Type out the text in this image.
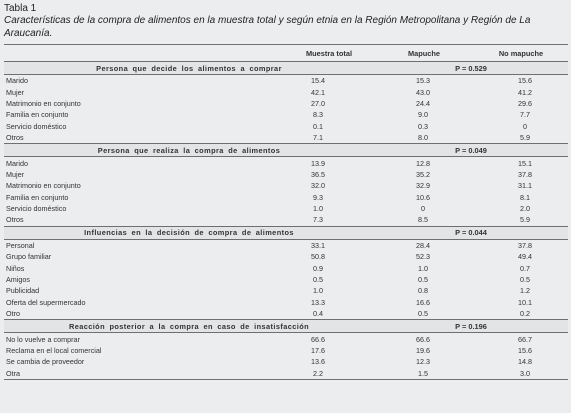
Tabla 1
Características de la compra de alimentos en la muestra total y según etnia en la Región Metropolitana y Región de La Araucanía.
	Muestra total	Mapuche	No mapuche
Persona que decide los alimentos a comprar		P = 0.529	
Marido	15.4	15.3	15.6
Mujer	42.1	43.0	41.2
Matrimonio en conjunto	27.0	24.4	29.6
Familia en conjunto	8.3	9.0	7.7
Servicio doméstico	0.1	0.3	0
Otros	7.1	8.0	5.9
Persona que realiza la compra de alimentos		P = 0.049	
Marido	13.9	12.8	15.1
Mujer	36.5	35.2	37.8
Matrimonio en conjunto	32.0	32.9	31.1
Familia en conjunto	9.3	10.6	8.1
Servicio doméstico	1.0	0	2.0
Otros	7.3	8.5	5.9
Influencias en la decisión de compra de alimentos		P = 0.044	
Personal	33.1	28.4	37.8
Grupo familiar	50.8	52.3	49.4
Niños	0.9	1.0	0.7
Amigos	0.5	0.5	0.5
Publicidad	1.0	0.8	1.2
Oferta del supermercado	13.3	16.6	10.1
Otro	0.4	0.5	0.2
Reacción posterior a la compra en caso de insatisfacción		P = 0.196	
No lo vuelve a comprar	66.6	66.6	66.7
Reclama en el local comercial	17.6	19.6	15.6
Se cambia de proveedor	13.6	12.3	14.8
Otra	2.2	1.5	3.0
